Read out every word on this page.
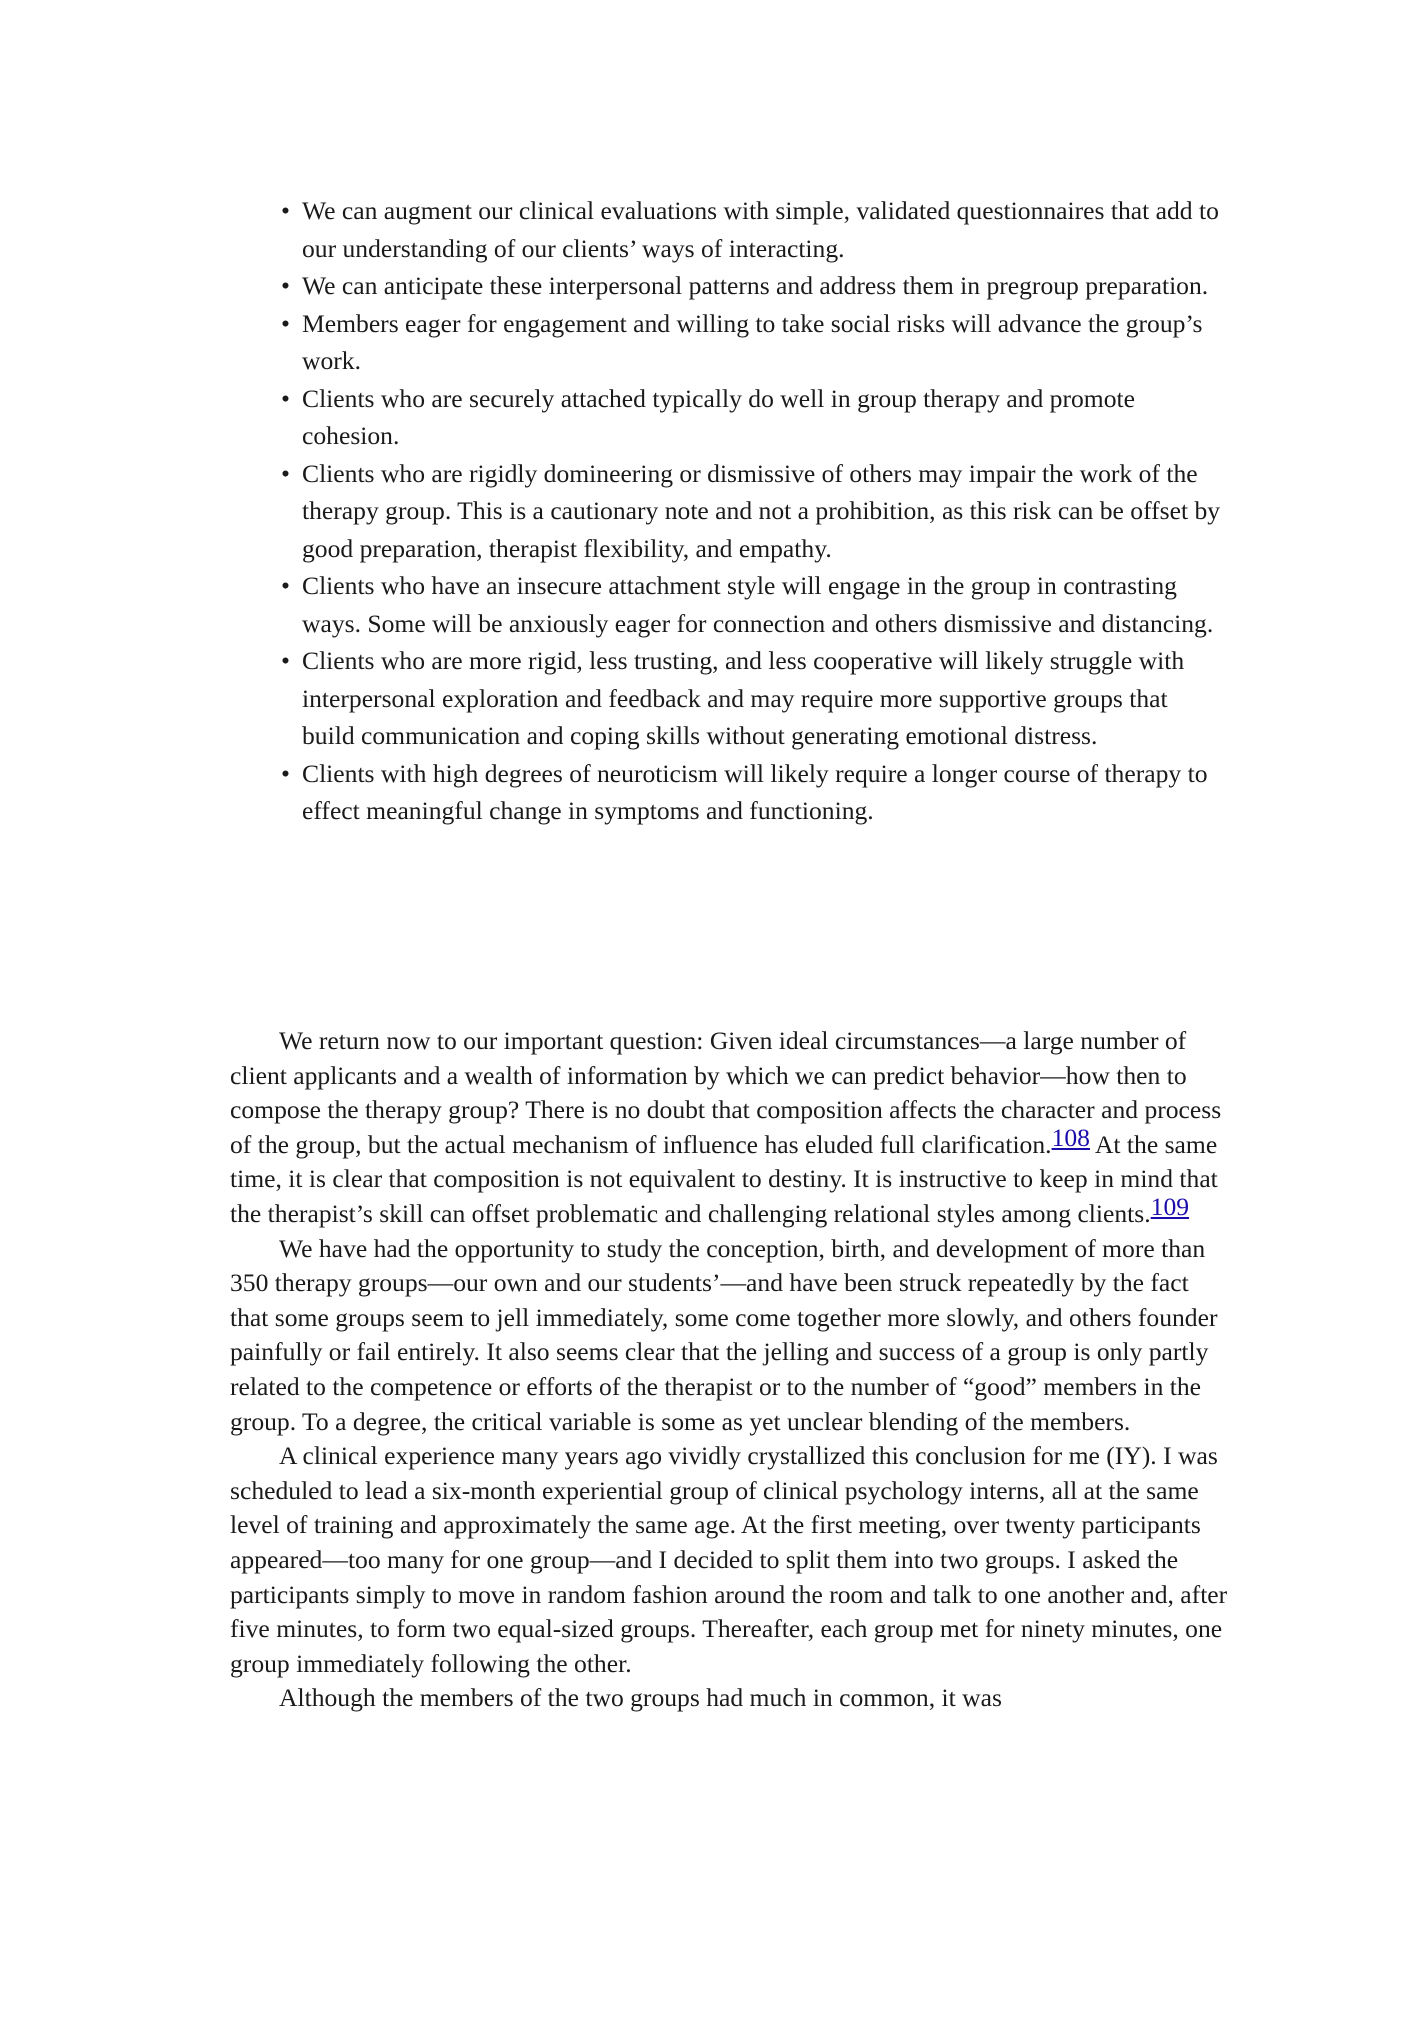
• We can augment our clinical evaluations with simple, validated questionnaires that add to our understanding of our clients’ ways of interacting.
• We can anticipate these interpersonal patterns and address them in pregroup preparation.
• Members eager for engagement and willing to take social risks will advance the group’s work.
• Clients who are securely attached typically do well in group therapy and promote cohesion.
• Clients who are rigidly domineering or dismissive of others may impair the work of the therapy group. This is a cautionary note and not a prohibition, as this risk can be offset by good preparation, therapist flexibility, and empathy.
• Clients who have an insecure attachment style will engage in the group in contrasting ways. Some will be anxiously eager for connection and others dismissive and distancing.
• Clients who are more rigid, less trusting, and less cooperative will likely struggle with interpersonal exploration and feedback and may require more supportive groups that build communication and coping skills without generating emotional distress.
• Clients with high degrees of neuroticism will likely require a longer course of therapy to effect meaningful change in symptoms and functioning.

We return now to our important question: Given ideal circumstances—a large number of client applicants and a wealth of information by which we can predict behavior—how then to compose the therapy group? There is no doubt that composition affects the character and process of the group, but the actual mechanism of influence has eluded full clarification.108 At the same time, it is clear that composition is not equivalent to destiny. It is instructive to keep in mind that the therapist’s skill can offset problematic and challenging relational styles among clients.109

We have had the opportunity to study the conception, birth, and development of more than 350 therapy groups—our own and our students’—and have been struck repeatedly by the fact that some groups seem to jell immediately, some come together more slowly, and others founder painfully or fail entirely. It also seems clear that the jelling and success of a group is only partly related to the competence or efforts of the therapist or to the number of “good” members in the group. To a degree, the critical variable is some as yet unclear blending of the members.

A clinical experience many years ago vividly crystallized this conclusion for me (IY). I was scheduled to lead a six-month experiential group of clinical psychology interns, all at the same level of training and approximately the same age. At the first meeting, over twenty participants appeared—too many for one group—and I decided to split them into two groups. I asked the participants simply to move in random fashion around the room and talk to one another and, after five minutes, to form two equal-sized groups. Thereafter, each group met for ninety minutes, one group immediately following the other.

Although the members of the two groups had much in common, it was
